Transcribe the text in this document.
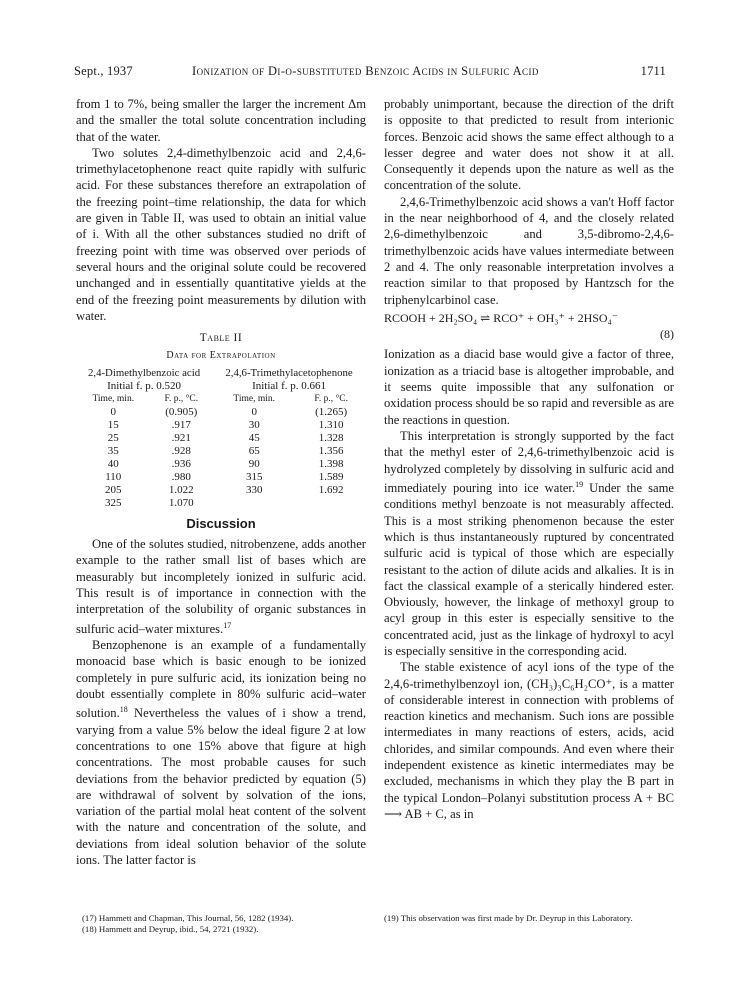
Sept., 1937	Ionization of Di-o-substituted Benzoic Acids in Sulfuric Acid	1711

from 1 to 7%, being smaller the larger the increment Δm and the smaller the total solute concentration including that of the water.

Two solutes 2,4-dimethylbenzoic acid and 2,4,6-trimethylacetophenone react quite rapidly with sulfuric acid. For these substances therefore an extrapolation of the freezing point–time relationship, the data for which are given in Table II, was used to obtain an initial value of i. With all the other substances studied no drift of freezing point with time was observed over periods of several hours and the original solute could be recovered unchanged and in essentially quantitative yields at the end of the freezing point measurements by dilution with water.

Table II
Data for Extrapolation
2,4-Dimethylbenzoic acid		2,4,6-Trimethylacetophenone	
Initial f. p. 0.520		Initial f. p. 0.661	
Time, min.	F. p., °C.	Time, min.	F. p., °C.
0	(0.905)	0	(1.265)
15	.917	30	1.310
25	.921	45	1.328
35	.928	65	1.356
40	.936	90	1.398
110	.980	315	1.589
205	1.022	330	1.692
325	1.070		
Discussion

One of the solutes studied, nitrobenzene, adds another example to the rather small list of bases which are measurably but incompletely ionized in sulfuric acid. This result is of importance in connection with the interpretation of the solubility of organic substances in sulfuric acid–water mixtures.$^{17}$

Benzophenone is an example of a fundamentally monoacid base which is basic enough to be ionized completely in pure sulfuric acid, its ionization being no doubt essentially complete in 80% sulfuric acid–water solution.$^{18}$ Nevertheless the values of i show a trend, varying from a value 5% below the ideal figure 2 at low concentrations to one 15% above that figure at high concentrations. The most probable causes for such deviations from the behavior predicted by equation (5) are withdrawal of solvent by solvation of the ions, variation of the partial molal heat content of the solvent with the nature and concentration of the solute, and deviations from ideal solution behavior of the solute ions. The latter factor is

probably unimportant, because the direction of the drift is opposite to that predicted to result from interionic forces. Benzoic acid shows the same effect although to a lesser degree and water does not show it at all. Consequently it depends upon the nature as well as the concentration of the solute.

2,4,6-Trimethylbenzoic acid shows a van't Hoff factor in the near neighborhood of 4, and the closely related 2,6-dimethylbenzoic and 3,5-dibromo-2,4,6-trimethylbenzoic acids have values intermediate between 2 and 4. The only reasonable interpretation involves a reaction similar to that proposed by Hantzsch for the triphenylcarbinol case.

RCOOH + 2H₂SO₄ ⇌ RCO⁺ + OH₃⁺ + 2HSO₄⁻
(8)

Ionization as a diacid base would give a factor of three, ionization as a triacid base is altogether improbable, and it seems quite impossible that any sulfonation or oxidation process should be so rapid and reversible as are the reactions in question.

This interpretation is strongly supported by the fact that the methyl ester of 2,4,6-trimethylbenzoic acid is hydrolyzed completely by dissolving in sulfuric acid and immediately pouring into ice water.$^{19}$ Under the same conditions methyl benzoate is not measurably affected. This is a most striking phenomenon because the ester which is thus instantaneously ruptured by concentrated sulfuric acid is typical of those which are especially resistant to the action of dilute acids and alkalies. It is in fact the classical example of a sterically hindered ester. Obviously, however, the linkage of methoxyl group to acyl group in this ester is especially sensitive to the concentrated acid, just as the linkage of hydroxyl to acyl is especially sensitive in the corresponding acid.

The stable existence of acyl ions of the type of the 2,4,6-trimethylbenzoyl ion, (CH₃)₃C₆H₂CO⁺, is a matter of considerable interest in connection with problems of reaction kinetics and mechanism. Such ions are possible intermediates in many reactions of esters, acids, acid chlorides, and similar compounds. And even where their independent existence as kinetic intermediates may be excluded, mechanisms in which they play the B part in the typical London–Polanyi substitution process A + BC ⟶ AB + C, as in

(17) Hammett and Chapman, This Journal, 56, 1282 (1934).

(18) Hammett and Deyrup, ibid., 54, 2721 (1932).

(19) This observation was first made by Dr. Deyrup in this Laboratory.
